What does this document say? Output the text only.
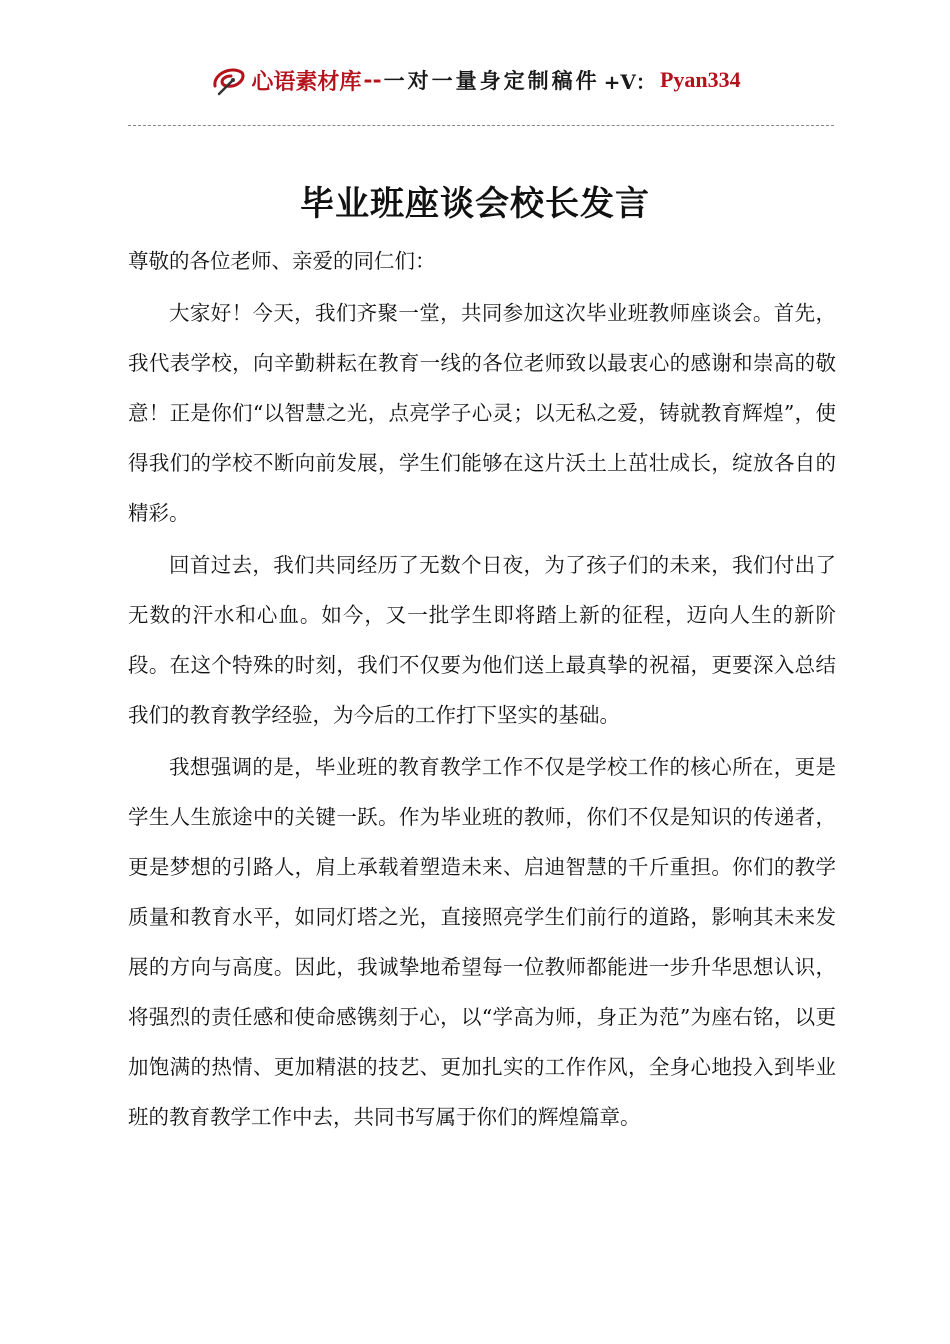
心语素材库 -- 一对一量身定制稿件 +V： Pyan334
毕业班座谈会校长发言

尊敬的各位老师、亲爱的同仁们：

大家好！今天，我们齐聚一堂，共同参加这次毕业班教师座谈会。首先，我代表学校，向辛勤耕耘在教育一线的各位老师致以最衷心的感谢和崇高的敬意！正是你们“以智慧之光，点亮学子心灵；以无私之爱，铸就教育辉煌”，使得我们的学校不断向前发展，学生们能够在这片沃土上茁壮成长，绽放各自的精彩。

回首过去，我们共同经历了无数个日夜，为了孩子们的未来，我们付出了无数的汗水和心血。如今，又一批学生即将踏上新的征程，迈向人生的新阶段。在这个特殊的时刻，我们不仅要为他们送上最真挚的祝福，更要深入总结我们的教育教学经验，为今后的工作打下坚实的基础。

我想强调的是，毕业班的教育教学工作不仅是学校工作的核心所在，更是学生人生旅途中的关键一跃。作为毕业班的教师，你们不仅是知识的传递者，更是梦想的引路人，肩上承载着塑造未来、启迪智慧的千斤重担。你们的教学质量和教育水平，如同灯塔之光，直接照亮学生们前行的道路，影响其未来发展的方向与高度。因此，我诚挚地希望每一位教师都能进一步升华思想认识，将强烈的责任感和使命感镌刻于心，以“学高为师，身正为范”为座右铭，以更加饱满的热情、更加精湛的技艺、更加扎实的工作作风，全身心地投入到毕业班的教育教学工作中去，共同书写属于你们的辉煌篇章。
